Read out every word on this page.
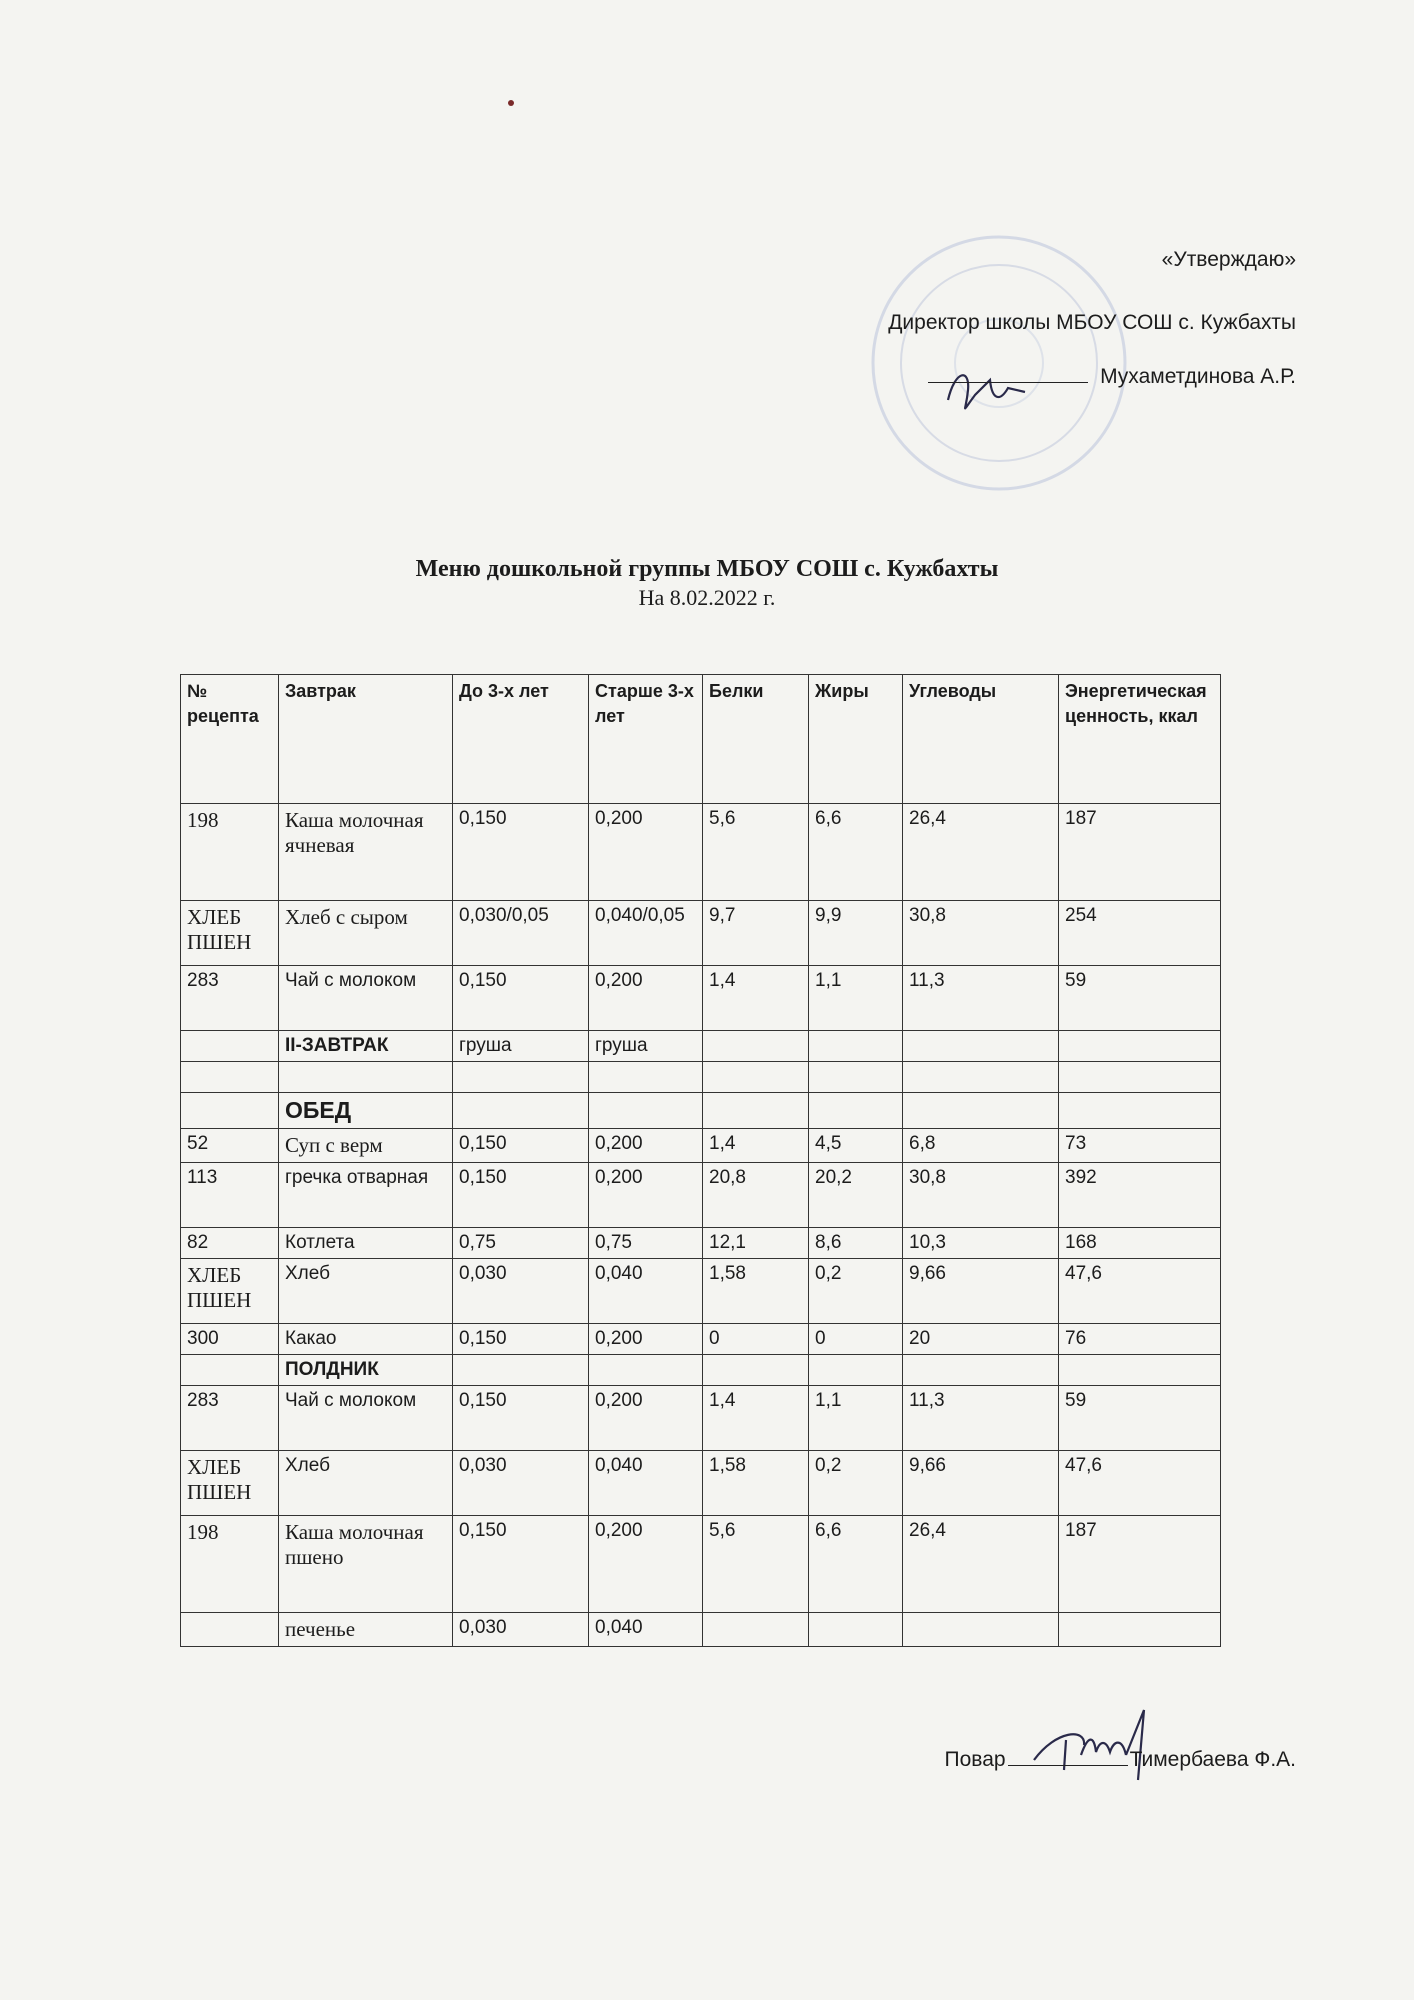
«Утверждаю»
Директор школы МБОУ СОШ с. Кужбахты
Мухаметдинова А.Р.
Меню дошкольной группы МБОУ СОШ с. Кужбахты
На 8.02.2022 г.
№ рецепта	Завтрак	До 3-х лет	Старше 3-х лет	Белки	Жиры	Углеводы	Энергетическая ценность, ккал
198	Каша молочная ячневая	0,150	0,200	5,6	6,6	26,4	187
ХЛЕБ ПШЕН	Хлеб с сыром	0,030/0,05	0,040/0,05	9,7	9,9	30,8	254
283	Чай с молоком	0,150	0,200	1,4	1,1	11,3	59
	II-ЗАВТРАК	груша	груша				

	ОБЕД						
52	Суп с верм	0,150	0,200	1,4	4,5	6,8	73
113	гречка отварная	0,150	0,200	20,8	20,2	30,8	392
82	Котлета	0,75	0,75	12,1	8,6	10,3	168
ХЛЕБ ПШЕН	Хлеб	0,030	0,040	1,58	0,2	9,66	47,6
300	Какао	0,150	0,200	0	0	20	76
	ПОЛДНИК						
283	Чай с молоком	0,150	0,200	1,4	1,1	11,3	59
ХЛЕБ ПШЕН	Хлеб	0,030	0,040	1,58	0,2	9,66	47,6
198	Каша молочная пшено	0,150	0,200	5,6	6,6	26,4	187
	печенье	0,030	0,040				
Повар	Тимербаева Ф.А.
